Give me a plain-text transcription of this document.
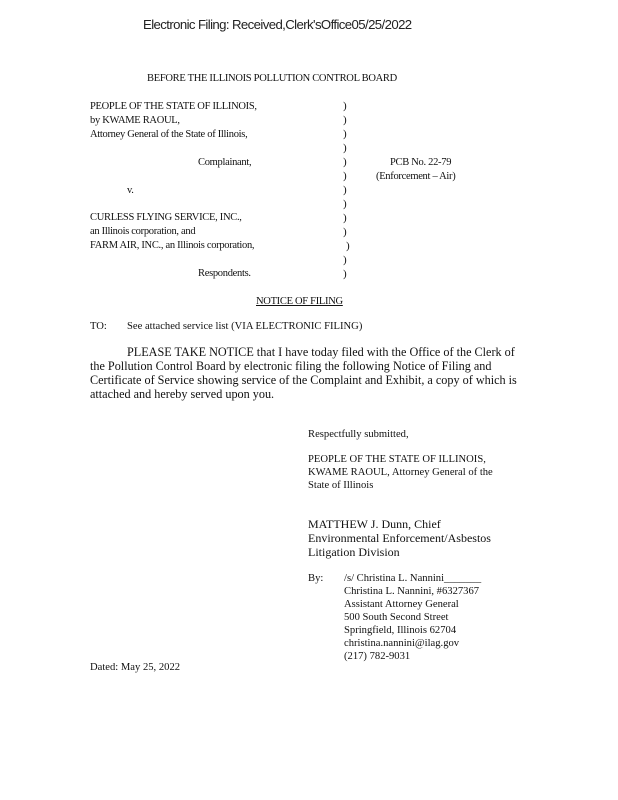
Electronic Filing: Received,Clerk'sOffice05/25/2022
BEFORE THE ILLINOIS POLLUTION CONTROL BOARD
PEOPLE OF THE STATE OF ILLINOIS,
by KWAME RAOUL,
Attorney General of the State of Illinois,
Complainant,
v.
CURLESS FLYING SERVICE, INC.,
an Illinois corporation, and
FARM AIR, INC., an Illinois corporation,
Respondents.
)
)
)
)
)
)
)
)
)
)
)
)
)
PCB No. 22-79
(Enforcement – Air)
NOTICE OF FILING
TO: See attached service list (VIA ELECTRONIC FILING)
PLEASE TAKE NOTICE that I have today filed with the Office of the Clerk of
the Pollution Control Board by electronic filing the following Notice of Filing and
Certificate of Service showing service of the Complaint and Exhibit, a copy of which is
attached and hereby served upon you.
Respectfully submitted,
PEOPLE OF THE STATE OF ILLINOIS,
KWAME RAOUL, Attorney General of the
State of Illinois
MATTHEW J. Dunn, Chief
Environmental Enforcement/Asbestos
Litigation Division
By: /s/ Christina L. Nannini_______
Christina L. Nannini, #6327367
Assistant Attorney General
500 South Second Street
Springfield, Illinois 62704
christina.nannini@ilag.gov
(217) 782-9031
Dated: May 25, 2022
